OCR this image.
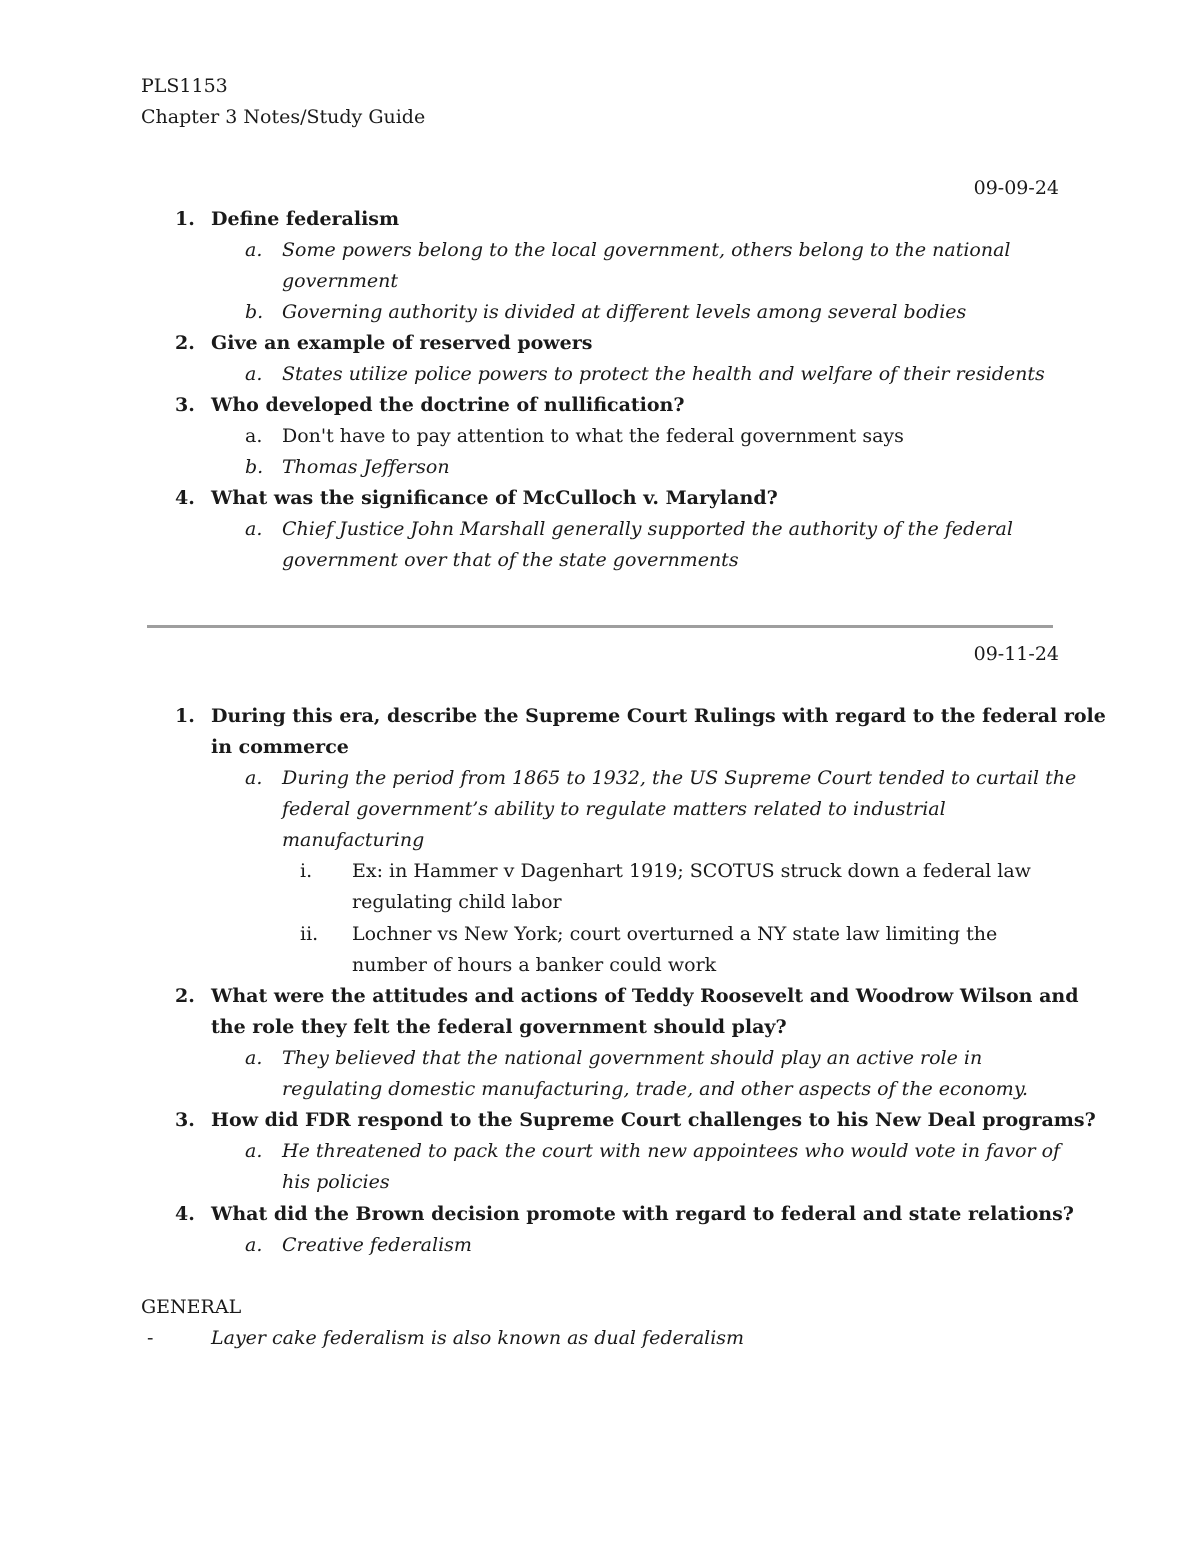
PLS1153
Chapter 3 Notes/Study Guide
09-09-24
1. Define federalism
a. Some powers belong to the local government, others belong to the national
government
b. Governing authority is divided at different levels among several bodies
2. Give an example of reserved powers
a. States utilize police powers to protect the health and welfare of their residents
3. Who developed the doctrine of nullification?
a. Don't have to pay attention to what the federal government says
b. Thomas Jefferson
4. What was the significance of McCulloch v. Maryland?
a. Chief Justice John Marshall generally supported the authority of the federal
government over that of the state governments
09-11-24
1. During this era, describe the Supreme Court Rulings with regard to the federal role
in commerce
a. During the period from 1865 to 1932, the US Supreme Court tended to curtail the
federal government’s ability to regulate matters related to industrial
manufacturing
i. Ex: in Hammer v Dagenhart 1919; SCOTUS struck down a federal law
regulating child labor
ii. Lochner vs New York; court overturned a NY state law limiting the
number of hours a banker could work
2. What were the attitudes and actions of Teddy Roosevelt and Woodrow Wilson and
the role they felt the federal government should play?
a. They believed that the national government should play an active role in
regulating domestic manufacturing, trade, and other aspects of the economy.
3. How did FDR respond to the Supreme Court challenges to his New Deal programs?
a. He threatened to pack the court with new appointees who would vote in favor of
his policies
4. What did the Brown decision promote with regard to federal and state relations?
a. Creative federalism
GENERAL
-	Layer cake federalism is also known as dual federalism
